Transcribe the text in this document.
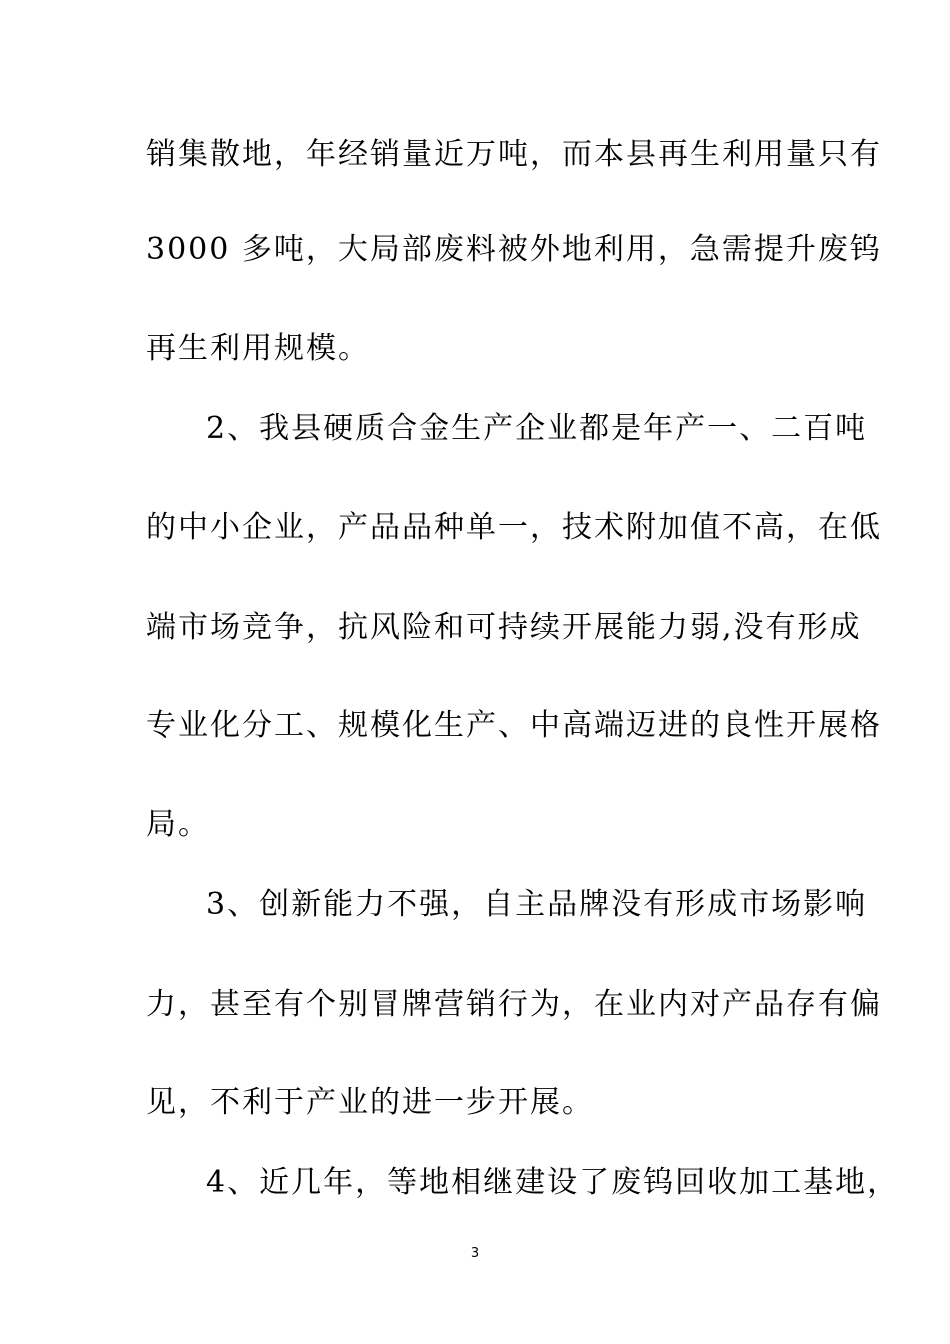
销集散地，年经销量近万吨，而本县再生利用量只有
3000 多吨，大局部废料被外地利用，急需提升废钨
再生利用规模。
2、我县硬质合金生产企业都是年产一、二百吨
的中小企业，产品品种单一，技术附加值不高，在低
端市场竞争，抗风险和可持续开展能力弱,没有形成
专业化分工、规模化生产、中高端迈进的良性开展格
局。
3、创新能力不强，自主品牌没有形成市场影响
力，甚至有个别冒牌营销行为，在业内对产品存有偏
见，不利于产业的进一步开展。
4、近几年，等地相继建设了废钨回收加工基地，
3
